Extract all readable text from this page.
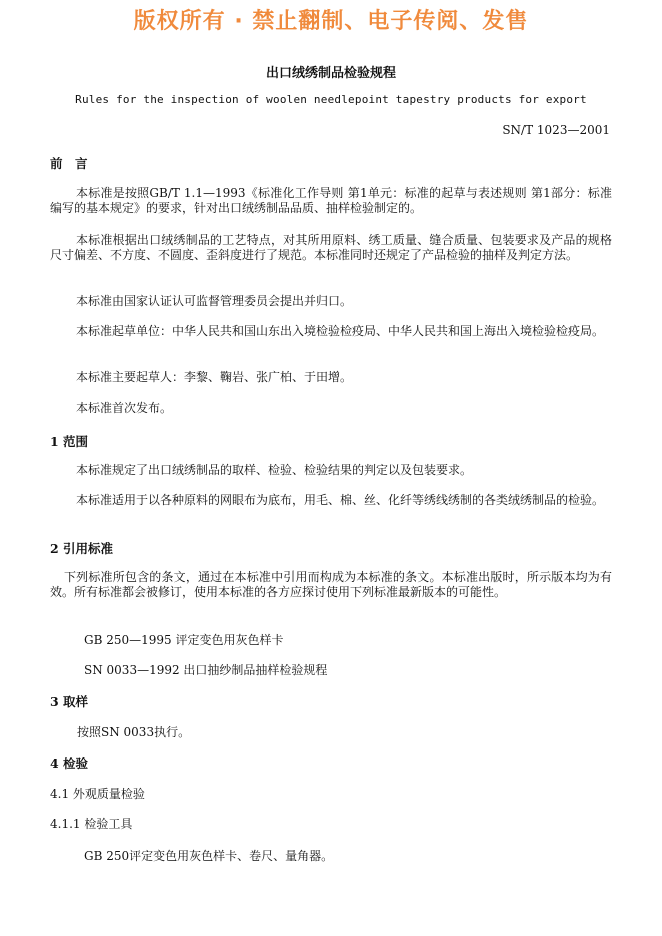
版权所有 · 禁止翻制、电子传阅、发售
出口绒绣制品检验规程
Rules for the inspection of woolen needlepoint tapestry products for export
SN/T 1023—2001
前　言
本标准是按照GB/T 1.1—1993《标准化工作导则 第1单元：标准的起草与表述规则 第1部分：标准编写的基本规定》的要求，针对出口绒绣制品品质、抽样检验制定的。
本标准根据出口绒绣制品的工艺特点，对其所用原料、绣工质量、缝合质量、包装要求及产品的规格尺寸偏差、不方度、不圆度、歪斜度进行了规范。本标准同时还规定了产品检验的抽样及判定方法。
本标准由国家认证认可监督管理委员会提出并归口。
本标准起草单位：中华人民共和国山东出入境检验检疫局、中华人民共和国上海出入境检验检疫局。
本标准主要起草人：李黎、鞠岩、张广柏、于田增。
本标准首次发布。
1 范围
本标准规定了出口绒绣制品的取样、检验、检验结果的判定以及包装要求。
本标准适用于以各种原料的网眼布为底布，用毛、棉、丝、化纤等绣线绣制的各类绒绣制品的检验。
2 引用标准
下列标准所包含的条文，通过在本标准中引用而构成为本标准的条文。本标准出版时，所示版本均为有效。所有标准都会被修订，使用本标准的各方应探讨使用下列标准最新版本的可能性。
GB 250—1995 评定变色用灰色样卡
SN 0033—1992 出口抽纱制品抽样检验规程
3 取样
按照SN 0033执行。
4 检验
4.1 外观质量检验
4.1.1 检验工具
GB 250评定变色用灰色样卡、卷尺、量角器。
